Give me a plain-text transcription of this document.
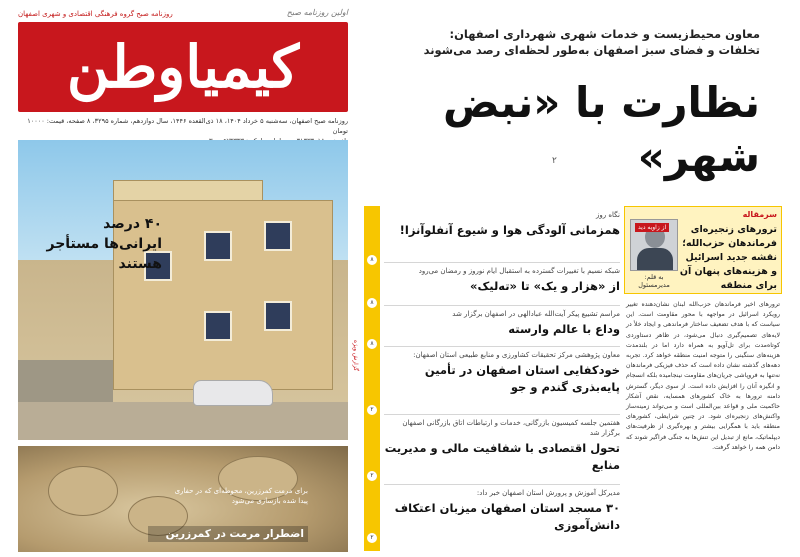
اولین روزنامه صبح
روزنامه صبح گروه فرهنگی اقتصادی و شهری اصفهان
کیمیاوطن
روزنامه صبح اصفهان، سه‌شنبه ۵ خرداد ۱۴۰۴، ۱۸ ذی‌القعده ۱۴۴۶، سال دوازدهم، شماره ۳۲۹۵، ۸ صفحه، قیمت: ۱۰۰۰۰ تومان
معاون محیط‌زیست و خدمات شهری شهرداری اصفهان:
تخلفات و فضای سبز اصفهان به‌طور لحظه‌ای رصد می‌شوند
نظارت با «نبض شهر»
۲
۴۰ درصد ایرانی‌ها مستأجر هستند
برای مرمت کمرزرین، محوطه‌ای که در حفاری پیدا شده بازسازی می‌شود
اضطرار مرمت در کمرزرین
گزارش ویژه
نگاه روز
همزمانی آلودگی هوا و شیوع آنفلوآنزا!
۸
شبکه نسیم با تغییرات گسترده به استقبال ایام نوروز و رمضان می‌رود
از «هزار و یک» تا «ته‌لیک»
۸
مراسم تشییع پیکر آیت‌الله عبادالهی در اصفهان برگزار شد
وداع با عالم وارسته
۸
معاون پژوهشی مرکز تحقیقات کشاورزی و منابع طبیعی استان اصفهان:
خودکفایی استان اصفهان در تأمین پایه‌بذری گندم و جو
۲
هفتمین جلسه کمیسیون بازرگانی، خدمات و ارتباطات اتاق بازرگانی اصفهان برگزار شد
تحول اقتصادی با شفافیت مالی و مدیریت منابع
۲
مدیرکل آموزش و پرورش استان اصفهان خبر داد:
۳۰ مسجد استان اصفهان میزبان اعتکاف دانش‌آموزی
۲
سرمقاله
ترورهای زنجیره‌ای فرماندهان حزب‌الله؛ نقشه جدید اسرائیل و هزینه‌های پنهان آن برای منطقه
از زاویه دید
به قلم: مدیرمسئول
ترورهای اخیر فرماندهان حزب‌الله لبنان نشان‌دهنده تغییر رویکرد اسرائیل در مواجهه با محور مقاومت است. این سیاست که با هدف تضعیف ساختار فرماندهی و ایجاد خلأ در لایه‌های تصمیم‌گیری دنبال می‌شود، در ظاهر دستاوردی کوتاه‌مدت برای تل‌آویو به همراه دارد اما در بلندمدت هزینه‌های سنگینی را متوجه امنیت منطقه خواهد کرد. تجربه دهه‌های گذشته نشان داده است که حذف فیزیکی فرماندهان نه‌تنها به فروپاشی جریان‌های مقاومت نینجامیده بلکه انسجام و انگیزه آنان را افزایش داده است. از سوی دیگر، گسترش دامنه ترورها به خاک کشورهای همسایه، نقض آشکار حاکمیت ملی و قواعد بین‌المللی است و می‌تواند زمینه‌ساز واکنش‌های زنجیره‌ای شود. در چنین شرایطی، کشورهای منطقه باید با همگرایی بیشتر و بهره‌گیری از ظرفیت‌های دیپلماتیک، مانع از تبدیل این تنش‌ها به جنگی فراگیر شوند که دامن همه را خواهد گرفت.
